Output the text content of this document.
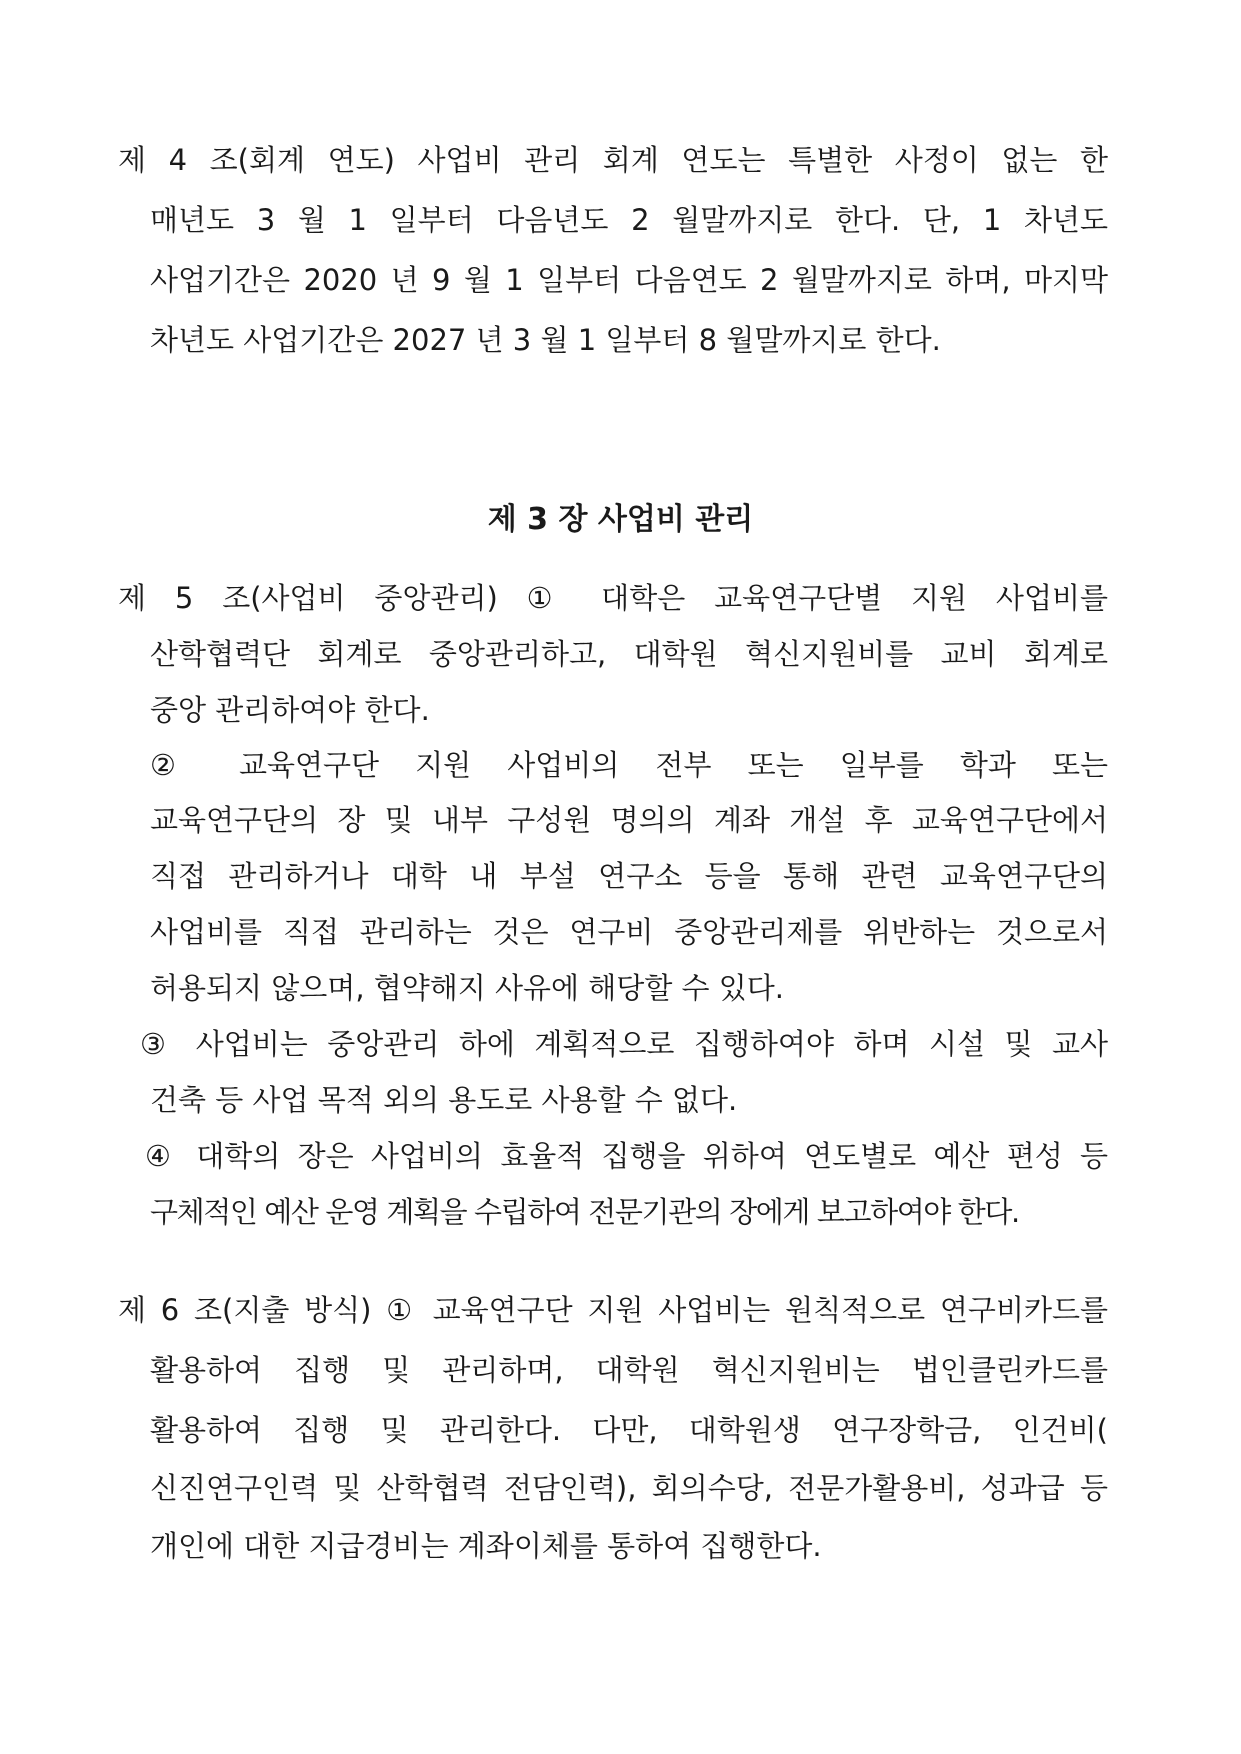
제 4 조(회계 연도) 사업비 관리 회계 연도는 특별한 사정이 없는 한

매년도 3 월 1 일부터 다음년도 2 월말까지로 한다. 단, 1 차년도

사업기간은 2020 년 9 월 1 일부터 다음연도 2 월말까지로 하며, 마지막

차년도 사업기간은 2027 년 3 월 1 일부터 8 월말까지로 한다.

제 3 장 사업비 관리

제 5 조(사업비 중앙관리) ① 대학은 교육연구단별 지원 사업비를

산학협력단 회계로 중앙관리하고, 대학원 혁신지원비를 교비 회계로

중앙 관리하여야 한다.

② 교육연구단 지원 사업비의 전부 또는 일부를 학과 또는

교육연구단의 장 및 내부 구성원 명의의 계좌 개설 후 교육연구단에서

직접 관리하거나 대학 내 부설 연구소 등을 통해 관련 교육연구단의

사업비를 직접 관리하는 것은 연구비 중앙관리제를 위반하는 것으로서

허용되지 않으며, 협약해지 사유에 해당할 수 있다.

③ 사업비는 중앙관리 하에 계획적으로 집행하여야 하며 시설 및 교사

건축 등 사업 목적 외의 용도로 사용할 수 없다.

④ 대학의 장은 사업비의 효율적 집행을 위하여 연도별로 예산 편성 등

구체적인 예산 운영 계획을 수립하여 전문기관의 장에게 보고하여야 한다.

제 6 조(지출 방식) ① 교육연구단 지원 사업비는 원칙적으로 연구비카드를

활용하여 집행 및 관리하며, 대학원 혁신지원비는 법인클린카드를

활용하여 집행 및 관리한다. 다만, 대학원생 연구장학금, 인건비(

신진연구인력 및 산학협력 전담인력), 회의수당, 전문가활용비, 성과급 등

개인에 대한 지급경비는 계좌이체를 통하여 집행한다.
